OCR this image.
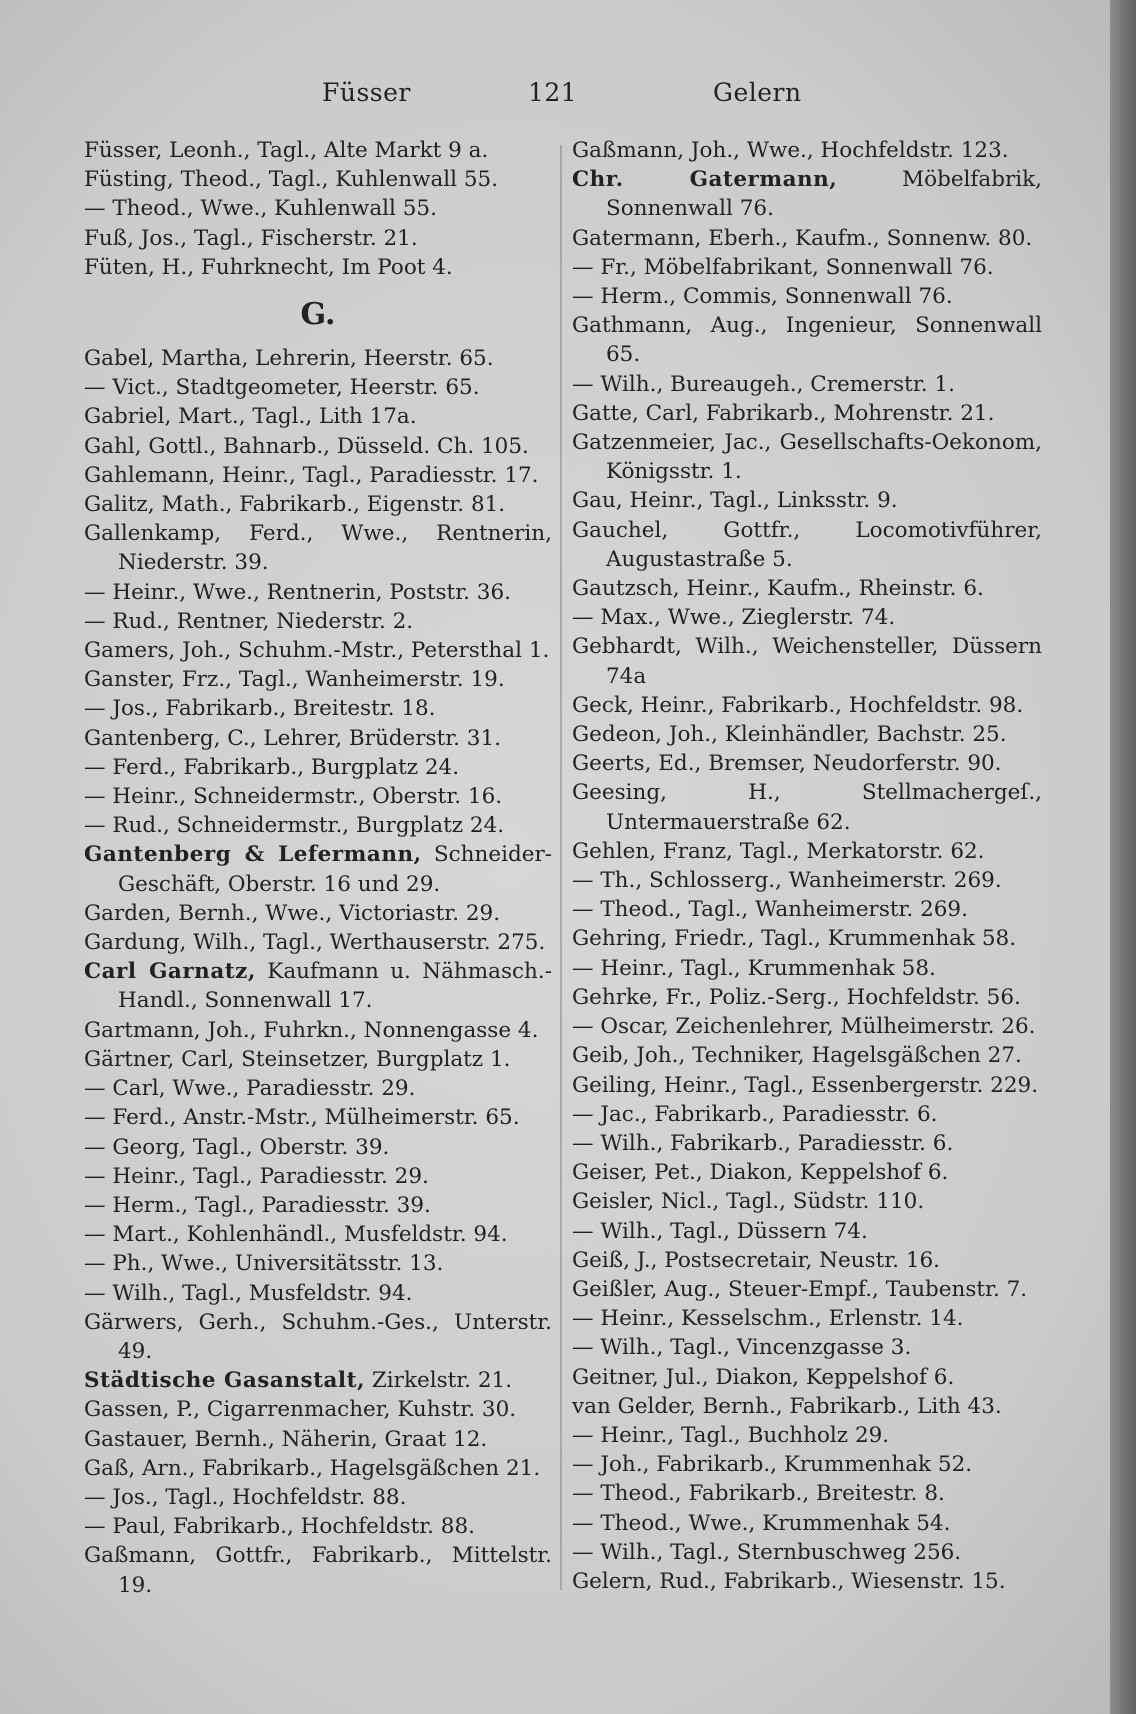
Füsser	121	Gelern
Füsser, Leonh., Tagl., Alte Markt 9 a.
Füsting, Theod., Tagl., Kuhlenwall 55.
— Theod., Wwe., Kuhlenwall 55.
Fuß, Jos., Tagl., Fischerstr. 21.
Füten, H., Fuhrknecht, Im Poot 4.
G.
Gabel, Martha, Lehrerin, Heerstr. 65.
— Vict., Stadtgeometer, Heerstr. 65.
Gabriel, Mart., Tagl., Lith 17a.
Gahl, Gottl., Bahnarb., Düsseld. Ch. 105.
Gahlemann, Heinr., Tagl., Paradiesstr. 17.
Galitz, Math., Fabrikarb., Eigenstr. 81.
Gallenkamp, Ferd., Wwe., Rentnerin, Niederstr. 39.
— Heinr., Wwe., Rentnerin, Poststr. 36.
— Rud., Rentner, Niederstr. 2.
Gamers, Joh., Schuhm.-Mstr., Petersthal 1.
Ganster, Frz., Tagl., Wanheimerstr. 19.
— Jos., Fabrikarb., Breitestr. 18.
Gantenberg, C., Lehrer, Brüderstr. 31.
— Ferd., Fabrikarb., Burgplatz 24.
— Heinr., Schneidermstr., Oberstr. 16.
— Rud., Schneidermstr., Burgplatz 24.
Gantenberg & Lefermann, Schneider-Geschäft, Oberstr. 16 und 29.
Garden, Bernh., Wwe., Victoriastr. 29.
Gardung, Wilh., Tagl., Werthauserstr. 275.
Carl Garnatz, Kaufmann u. Nähmasch.-Handl., Sonnenwall 17.
Gartmann, Joh., Fuhrkn., Nonnengasse 4.
Gärtner, Carl, Steinsetzer, Burgplatz 1.
— Carl, Wwe., Paradiesstr. 29.
— Ferd., Anstr.-Mstr., Mülheimerstr. 65.
— Georg, Tagl., Oberstr. 39.
— Heinr., Tagl., Paradiesstr. 29.
— Herm., Tagl., Paradiesstr. 39.
— Mart., Kohlenhändl., Musfeldstr. 94.
— Ph., Wwe., Universitätsstr. 13.
— Wilh., Tagl., Musfeldstr. 94.
Gärwers, Gerh., Schuhm.-Ges., Unterstr. 49.
Städtische Gasanstalt, Zirkelstr. 21.
Gassen, P., Cigarrenmacher, Kuhstr. 30.
Gastauer, Bernh., Näherin, Graat 12.
Gaß, Arn., Fabrikarb., Hagelsgäßchen 21.
— Jos., Tagl., Hochfeldstr. 88.
— Paul, Fabrikarb., Hochfeldstr. 88.
Gaßmann, Gottfr., Fabrikarb., Mittelstr. 19.
Gaßmann, Joh., Wwe., Hochfeldstr. 123.
Chr. Gatermann, Möbelfabrik, Sonnenwall 76.
Gatermann, Eberh., Kaufm., Sonnenw. 80.
— Fr., Möbelfabrikant, Sonnenwall 76.
— Herm., Commis, Sonnenwall 76.
Gathmann, Aug., Ingenieur, Sonnenwall 65.
— Wilh., Bureaugeh., Cremerstr. 1.
Gatte, Carl, Fabrikarb., Mohrenstr. 21.
Gatzenmeier, Jac., Gesellschafts-Oekonom, Königsstr. 1.
Gau, Heinr., Tagl., Linksstr. 9.
Gauchel, Gottfr., Locomotivführer, Augustastraße 5.
Gautzsch, Heinr., Kaufm., Rheinstr. 6.
— Max., Wwe., Zieglerstr. 74.
Gebhardt, Wilh., Weichensteller, Düssern 74a
Geck, Heinr., Fabrikarb., Hochfeldstr. 98.
Gedeon, Joh., Kleinhändler, Bachstr. 25.
Geerts, Ed., Bremser, Neudorferstr. 90.
Geesing, H., Stellmachergeſ., Untermauerstraße 62.
Gehlen, Franz, Tagl., Merkatorstr. 62.
— Th., Schlosserg., Wanheimerstr. 269.
— Theod., Tagl., Wanheimerstr. 269.
Gehring, Friedr., Tagl., Krummenhak 58.
— Heinr., Tagl., Krummenhak 58.
Gehrke, Fr., Poliz.-Serg., Hochfeldstr. 56.
— Oscar, Zeichenlehrer, Mülheimerstr. 26.
Geib, Joh., Techniker, Hagelsgäßchen 27.
Geiling, Heinr., Tagl., Essenbergerstr. 229.
— Jac., Fabrikarb., Paradiesstr. 6.
— Wilh., Fabrikarb., Paradiesstr. 6.
Geiser, Pet., Diakon, Keppelshof 6.
Geisler, Nicl., Tagl., Südstr. 110.
— Wilh., Tagl., Düssern 74.
Geiß, J., Postsecretair, Neustr. 16.
Geißler, Aug., Steuer-Empf., Taubenstr. 7.
— Heinr., Kesselschm., Erlenstr. 14.
— Wilh., Tagl., Vincenzgasse 3.
Geitner, Jul., Diakon, Keppelshof 6.
van Gelder, Bernh., Fabrikarb., Lith 43.
— Heinr., Tagl., Buchholz 29.
— Joh., Fabrikarb., Krummenhak 52.
— Theod., Fabrikarb., Breitestr. 8.
— Theod., Wwe., Krummenhak 54.
— Wilh., Tagl., Sternbuschweg 256.
Gelern, Rud., Fabrikarb., Wiesenstr. 15.
